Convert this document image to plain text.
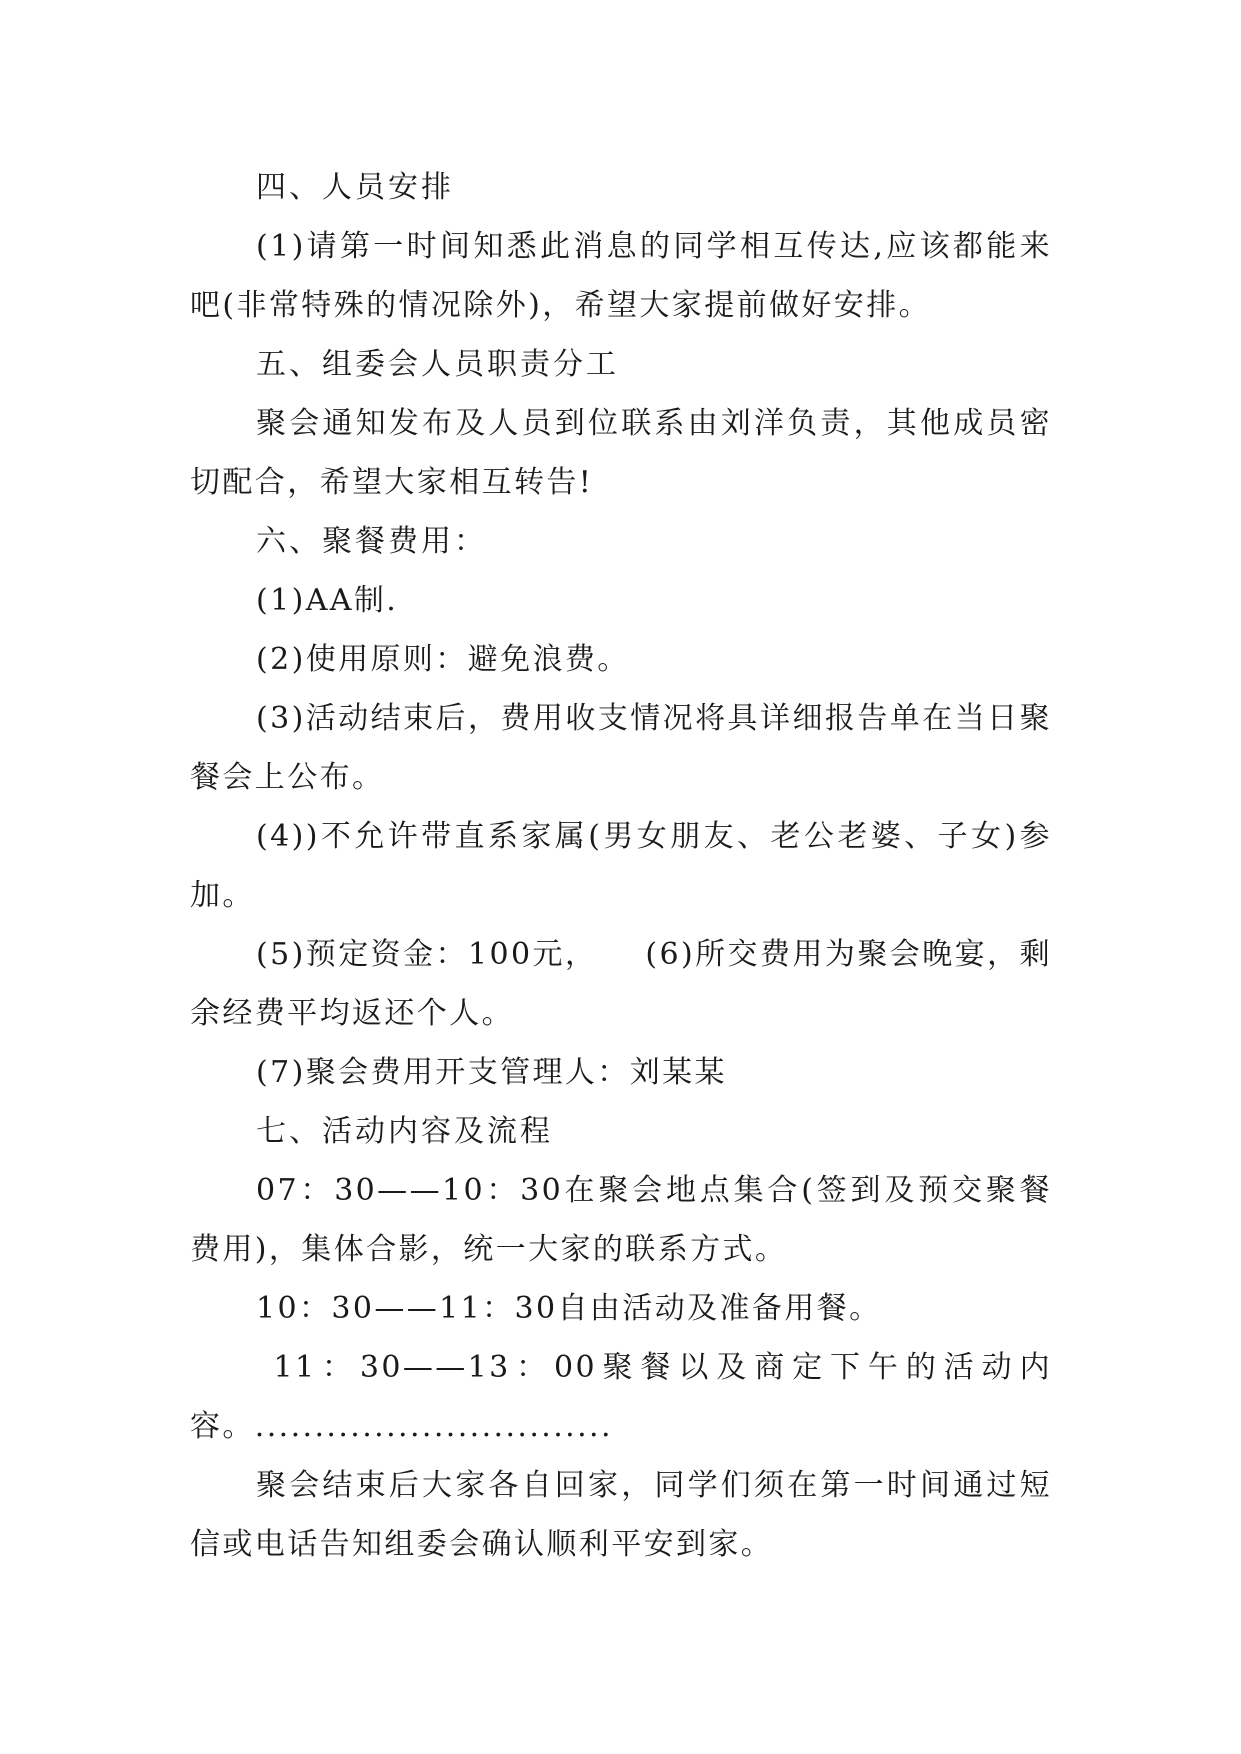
四、人员安排

(1)请第一时间知悉此消息的同学相互传达,应该都能来吧(非常特殊的情况除外)，希望大家提前做好安排。

五、组委会人员职责分工

聚会通知发布及人员到位联系由刘洋负责，其他成员密切配合，希望大家相互转告!

六、聚餐费用：

(1)AA制.

(2)使用原则：避免浪费。

(3)活动结束后，费用收支情况将具详细报告单在当日聚餐会上公布。

(4))不允许带直系家属(男女朋友、老公老婆、子女)参加。

(5)预定资金：100元，    (6)所交费用为聚会晚宴，剩余经费平均返还个人。

(7)聚会费用开支管理人：刘某某

七、活动内容及流程

07：30——10：30在聚会地点集合(签到及预交聚餐费用)，集体合影，统一大家的联系方式。

10：30——11：30自由活动及准备用餐。

11：30——13：00聚餐以及商定下午的活动内容。..............................

聚会结束后大家各自回家，同学们须在第一时间通过短信或电话告知组委会确认顺利平安到家。
